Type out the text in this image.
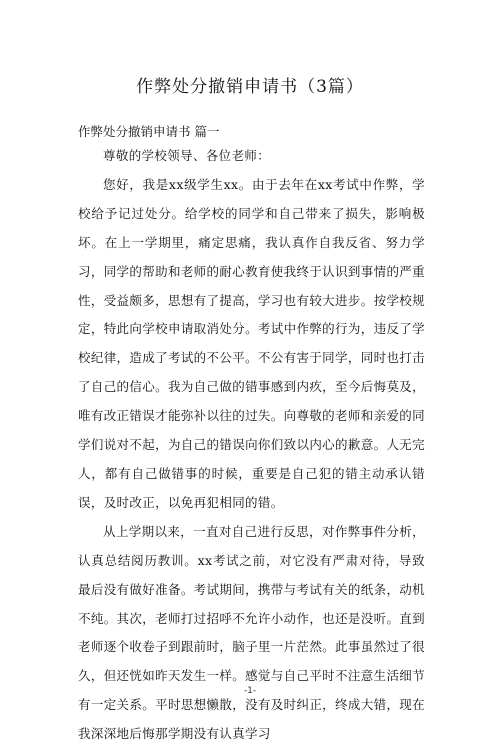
作弊处分撤销申请书（3篇）
作弊处分撤销申请书 篇一

尊敬的学校领导、各位老师：

您好，我是xx级学生xx。由于去年在xx考试中作弊，学校给予记过处分。给学校的同学和自己带来了损失，影响极坏。在上一学期里，痛定思痛，我认真作自我反省、努力学习，同学的帮助和老师的耐心教育使我终于认识到事情的严重性，受益颇多，思想有了提高，学习也有较大进步。按学校规定，特此向学校申请取消处分。考试中作弊的行为，违反了学校纪律，造成了考试的不公平。不公有害于同学，同时也打击了自己的信心。我为自己做的错事感到内疚，至今后悔莫及，唯有改正错误才能弥补以往的过失。向尊敬的老师和亲爱的同学们说对不起，为自己的错误向你们致以内心的歉意。人无完人，都有自己做错事的时候，重要是自己犯的错主动承认错误，及时改正，以免再犯相同的错。

从上学期以来，一直对自己进行反思，对作弊事件分析，认真总结阅历教训。xx考试之前，对它没有严肃对待，导致最后没有做好准备。考试期间，携带与考试有关的纸条，动机不纯。其次，老师打过招呼不允许小动作，也还是没听。直到老师逐个收卷子到跟前时，脑子里一片茫然。此事虽然过了很久，但还恍如昨天发生一样。感觉与自己平时不注意生活细节有一定关系。平时思想懒散，没有及时纠正，终成大错，现在我深深地后悔那学期没有认真学习

-1-
